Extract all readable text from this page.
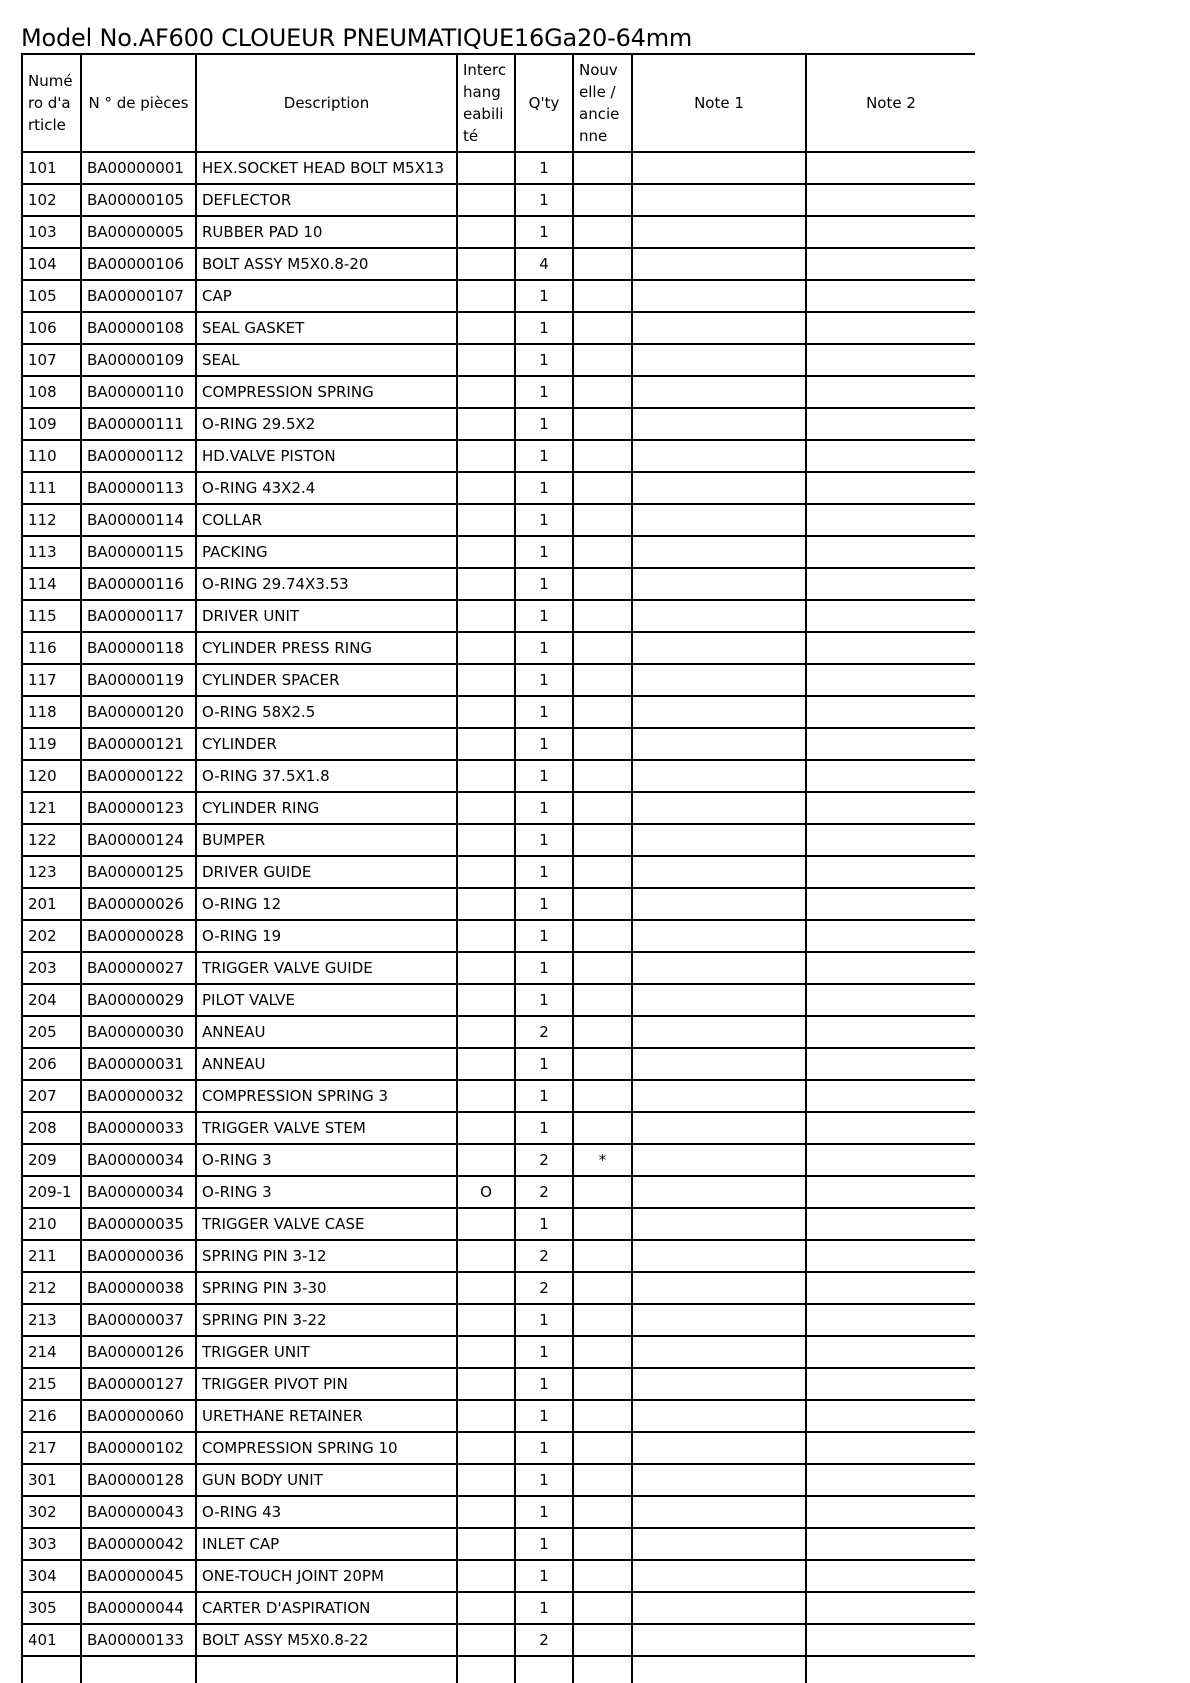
Model No.AF600 CLOUEUR PNEUMATIQUE16Ga20-64mm
Numéro d'article	N ° de pièces	Description	Interchangeabilité	Q'ty	Nouvelle / ancienne	Note 1	Note 2
101	BA00000001	HEX.SOCKET HEAD BOLT M5X13		1			
102	BA00000105	DEFLECTOR		1			
103	BA00000005	RUBBER PAD 10		1			
104	BA00000106	BOLT ASSY M5X0.8-20		4			
105	BA00000107	CAP		1			
106	BA00000108	SEAL GASKET		1			
107	BA00000109	SEAL		1			
108	BA00000110	COMPRESSION SPRING		1			
109	BA00000111	O-RING 29.5X2		1			
110	BA00000112	HD.VALVE PISTON		1			
111	BA00000113	O-RING 43X2.4		1			
112	BA00000114	COLLAR		1			
113	BA00000115	PACKING		1			
114	BA00000116	O-RING 29.74X3.53		1			
115	BA00000117	DRIVER UNIT		1			
116	BA00000118	CYLINDER PRESS RING		1			
117	BA00000119	CYLINDER SPACER		1			
118	BA00000120	O-RING 58X2.5		1			
119	BA00000121	CYLINDER		1			
120	BA00000122	O-RING 37.5X1.8		1			
121	BA00000123	CYLINDER RING		1			
122	BA00000124	BUMPER		1			
123	BA00000125	DRIVER GUIDE		1			
201	BA00000026	O-RING 12		1			
202	BA00000028	O-RING 19		1			
203	BA00000027	TRIGGER VALVE GUIDE		1			
204	BA00000029	PILOT VALVE		1			
205	BA00000030	ANNEAU		2			
206	BA00000031	ANNEAU		1			
207	BA00000032	COMPRESSION SPRING 3		1			
208	BA00000033	TRIGGER VALVE STEM		1			
209	BA00000034	O-RING 3		2	*		
209-1	BA00000034	O-RING 3	O	2			
210	BA00000035	TRIGGER VALVE CASE		1			
211	BA00000036	SPRING PIN 3-12		2			
212	BA00000038	SPRING PIN 3-30		2			
213	BA00000037	SPRING PIN 3-22		1			
214	BA00000126	TRIGGER UNIT		1			
215	BA00000127	TRIGGER PIVOT PIN		1			
216	BA00000060	URETHANE RETAINER		1			
217	BA00000102	COMPRESSION SPRING 10		1			
301	BA00000128	GUN BODY UNIT		1			
302	BA00000043	O-RING 43		1			
303	BA00000042	INLET CAP		1			
304	BA00000045	ONE-TOUCH JOINT 20PM		1			
305	BA00000044	CARTER D'ASPIRATION		1			
401	BA00000133	BOLT ASSY M5X0.8-22		2			
